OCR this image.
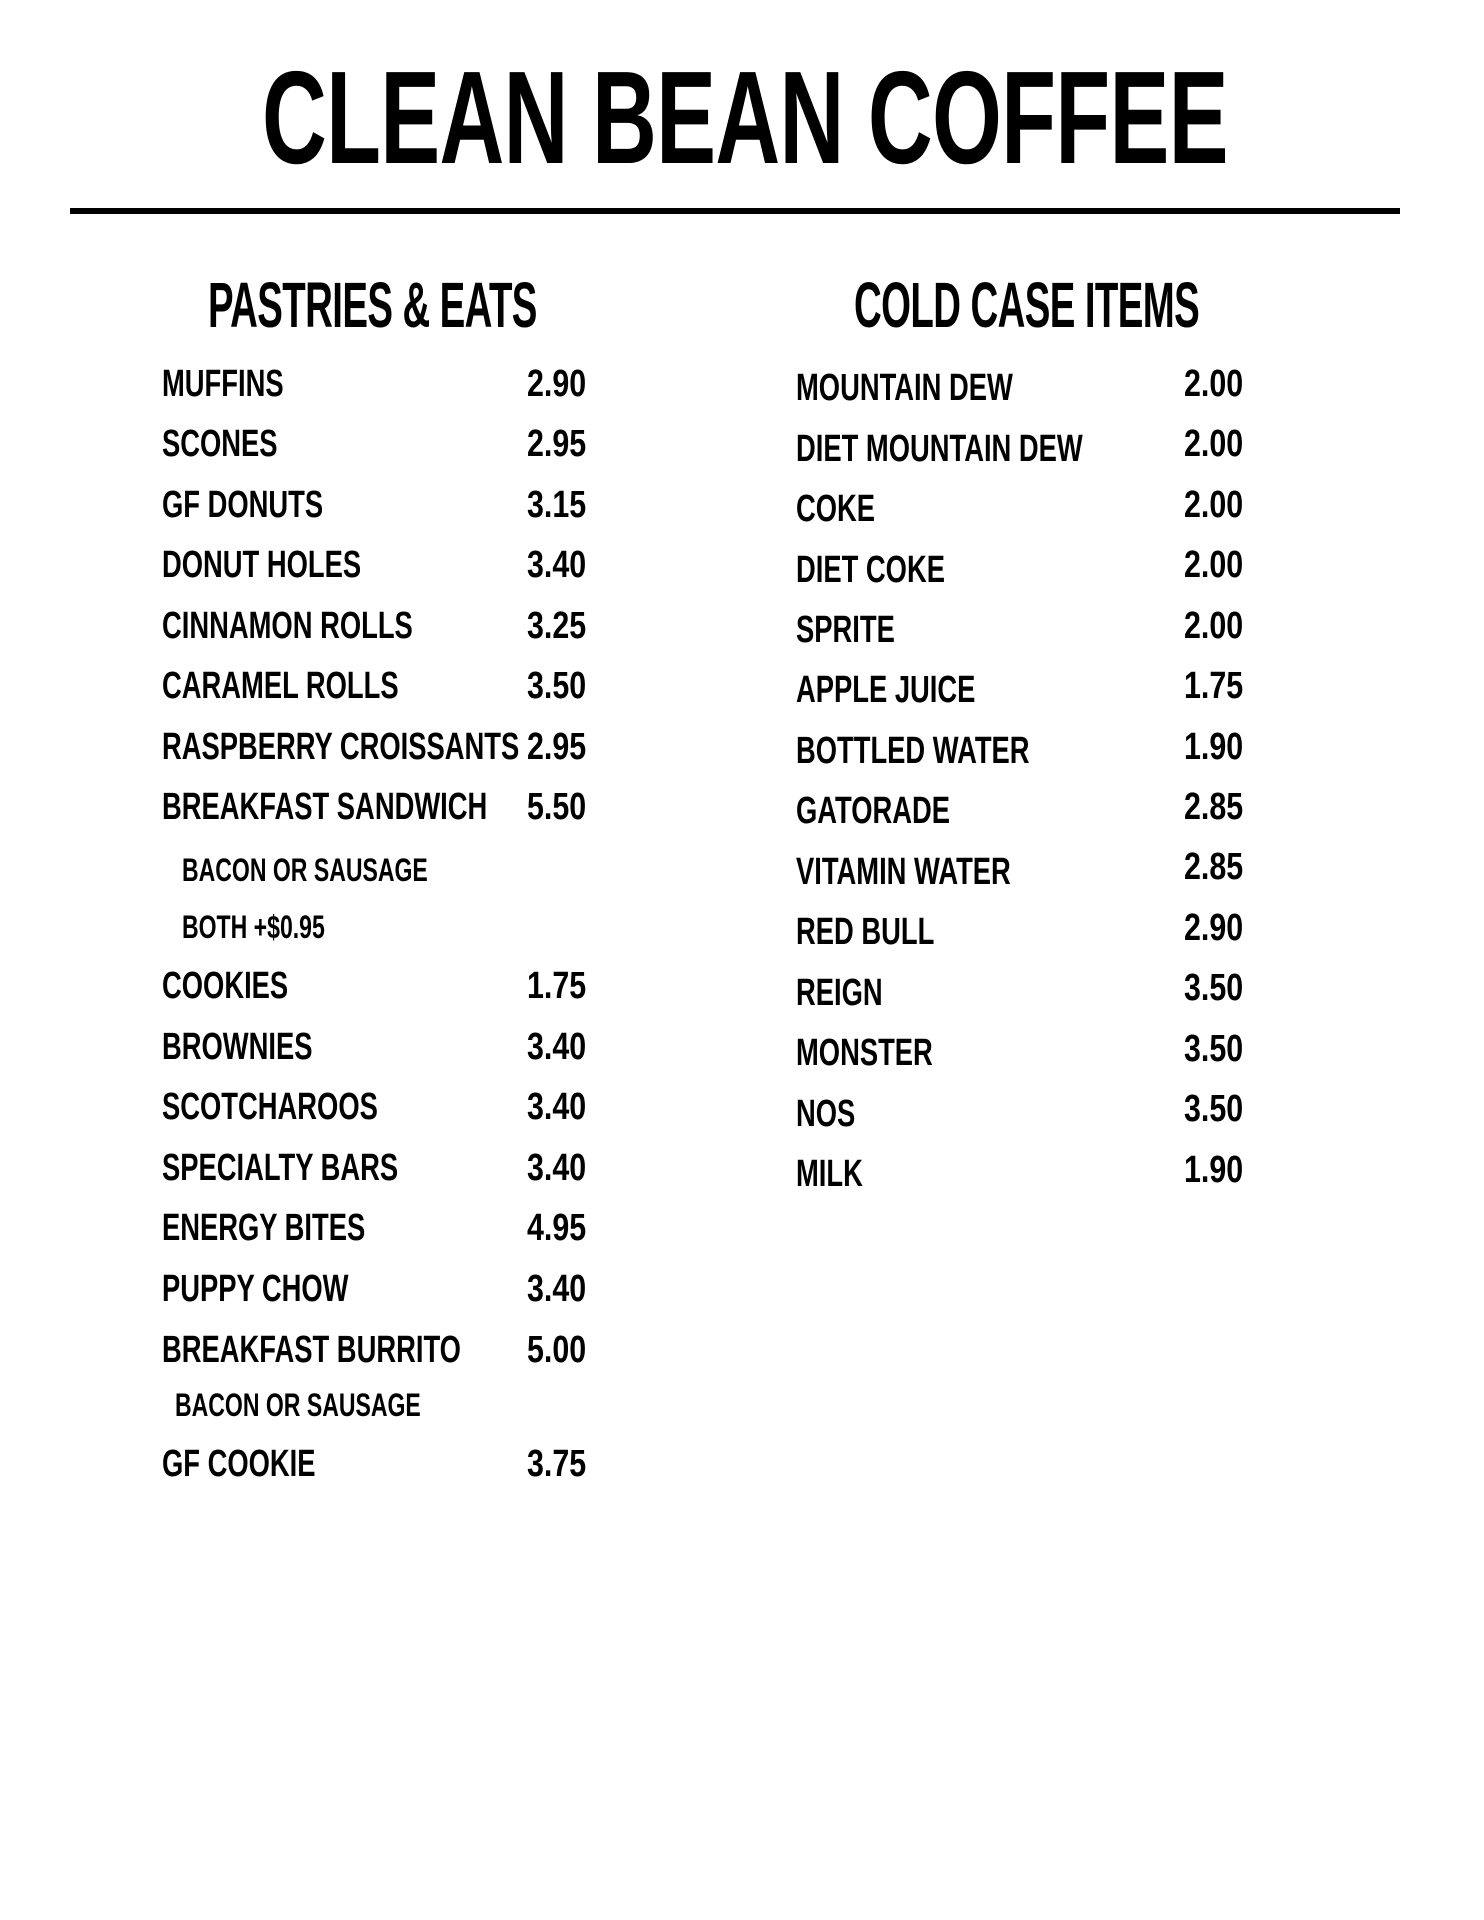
CLEAN BEAN COFFEE
PASTRIES & EATS
MUFFINS	2.90
SCONES	2.95
GF DONUTS	3.15
DONUT HOLES	3.40
CINNAMON ROLLS	3.25
CARAMEL ROLLS	3.50
RASPBERRY CROISSANTS 2.95
BREAKFAST SANDWICH 5.50
BACON OR SAUSAGE
BOTH +$0.95
COOKIES	1.75
BROWNIES	3.40
SCOTCHAROOS	3.40
SPECIALTY BARS	3.40
ENERGY BITES	4.95
PUPPY CHOW	3.40
BREAKFAST BURRITO 5.00
BACON OR SAUSAGE
GF COOKIE	3.75
COLD CASE ITEMS
MOUNTAIN DEW	2.00
DIET MOUNTAIN DEW	2.00
COKE	2.00
DIET COKE	2.00
SPRITE	2.00
APPLE JUICE	1.75
BOTTLED WATER	1.90
GATORADE	2.85
VITAMIN WATER	2.85
RED BULL	2.90
REIGN	3.50
MONSTER	3.50
NOS	3.50
MILK	1.90
